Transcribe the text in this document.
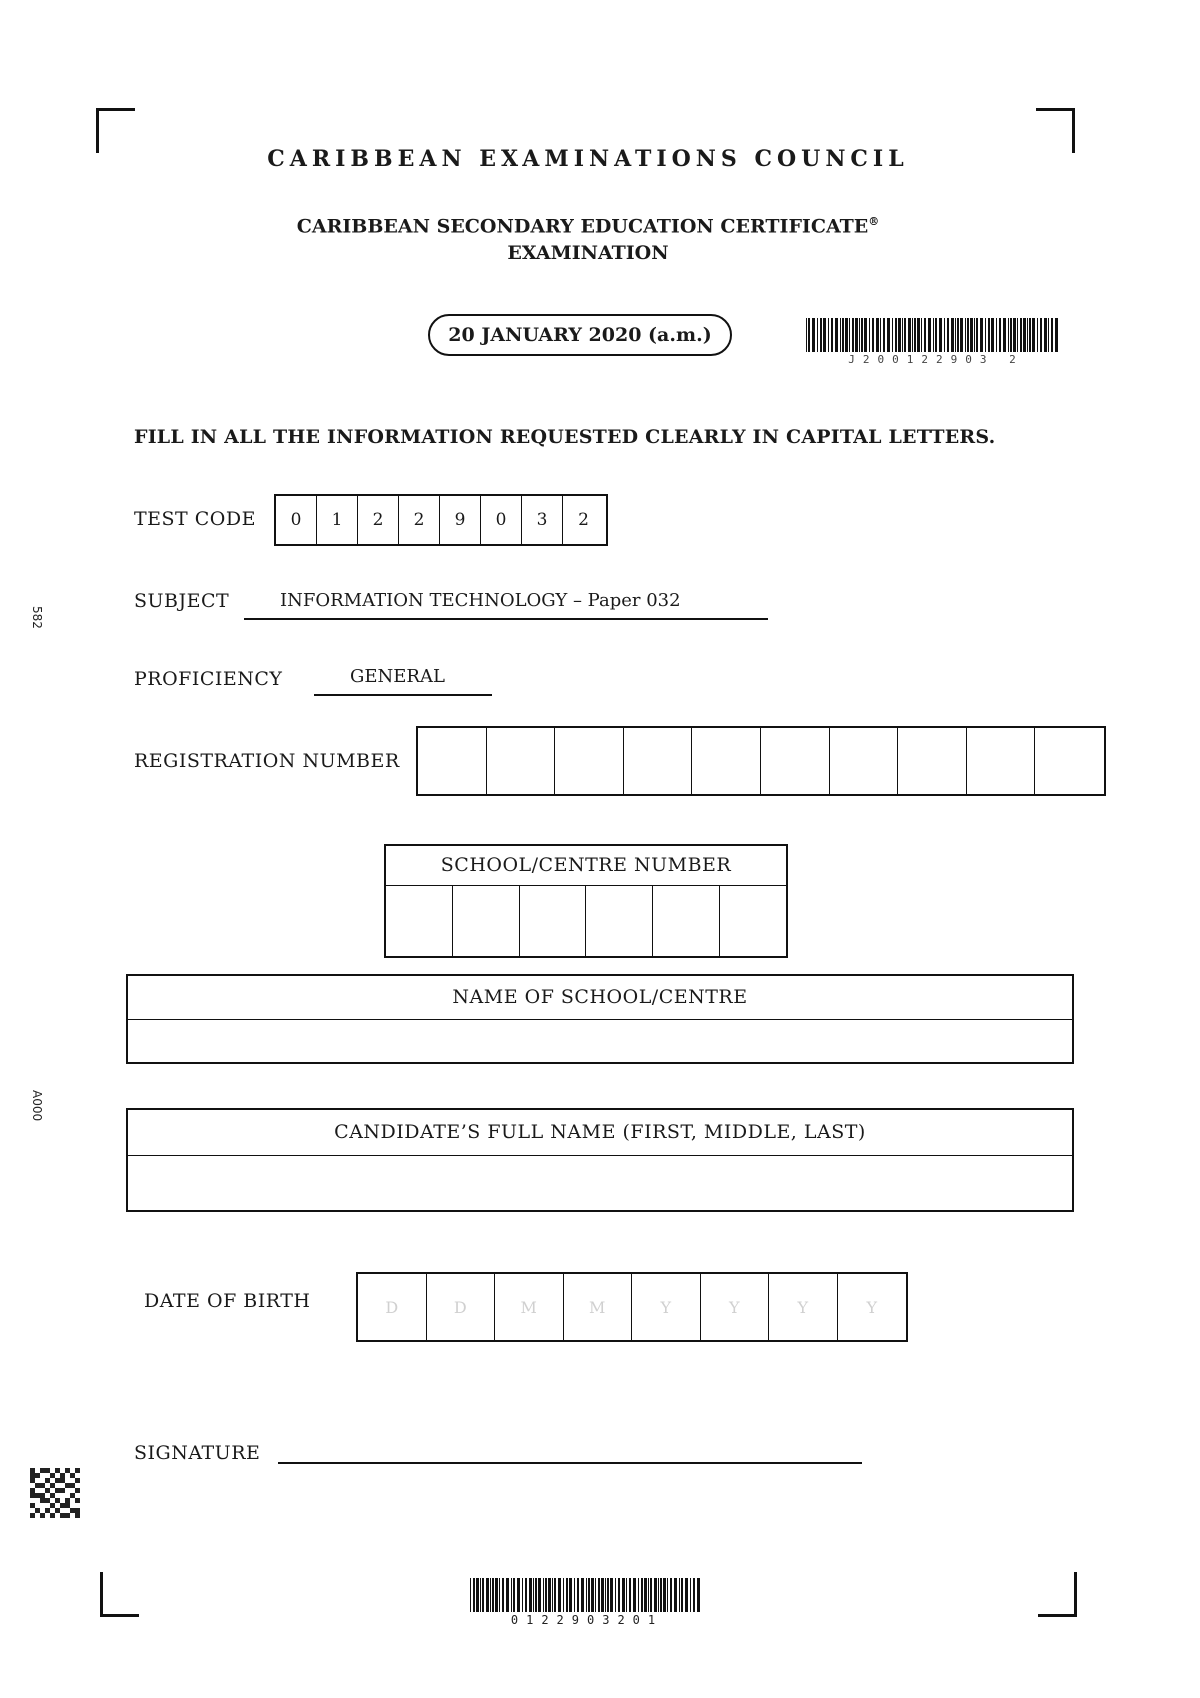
582
A000
CARIBBEAN EXAMINATIONS COUNCIL
CARIBBEAN SECONDARY EDUCATION CERTIFICATE®
EXAMINATION
20 JANUARY 2020 (a.m.)
J200122903 2
FILL IN ALL THE INFORMATION REQUESTED CLEARLY IN CAPITAL LETTERS.
TEST CODE	0	1	2	2	9	0	3	2
SUBJECT	INFORMATION TECHNOLOGY – Paper 032
PROFICIENCY	GENERAL
REGISTRATION NUMBER
SCHOOL/CENTRE NUMBER
NAME OF SCHOOL/CENTRE
CANDIDATE’S FULL NAME (FIRST, MIDDLE, LAST)
DATE OF BIRTH	D	D	M	M	Y	Y	Y	Y
SIGNATURE
0122903201
